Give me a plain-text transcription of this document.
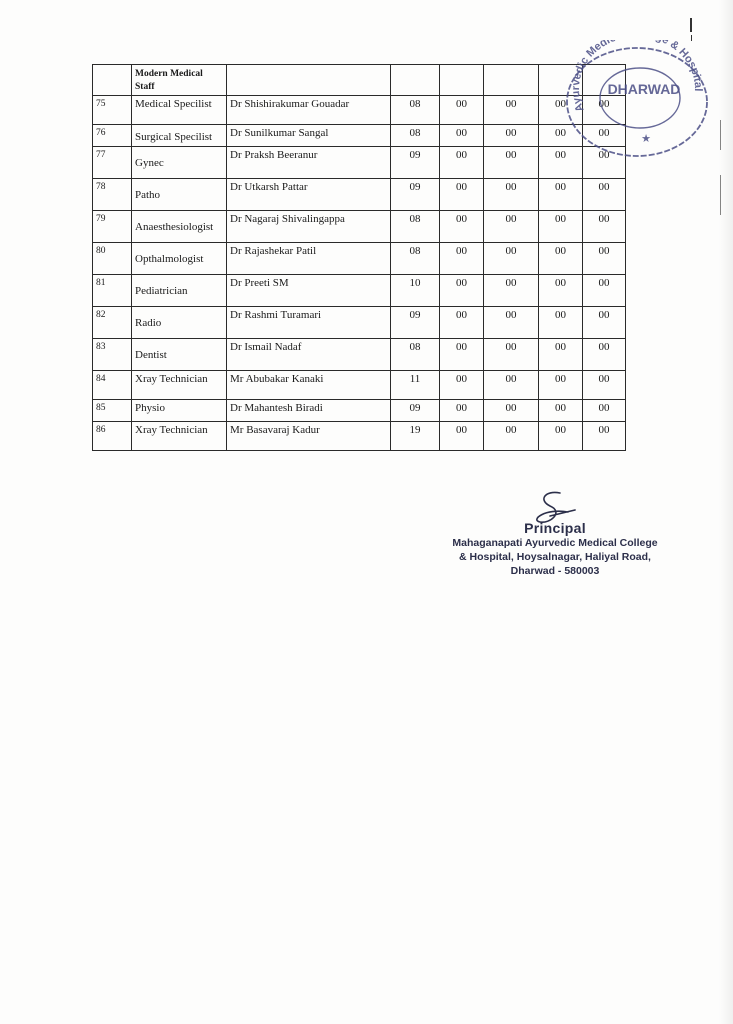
	Modern Medical Staff						
75	Medical Specilist	Dr Shishirakumar Gouadar	08	00	00	00	00
76	Surgical Specilist	Dr Sunilkumar Sangal	08	00	00	00	00
77	Gynec	Dr Praksh Beeranur	09	00	00	00	00
78	Patho	Dr Utkarsh Pattar	09	00	00	00	00
79	Anaesthesiologist	Dr Nagaraj Shivalingappa	08	00	00	00	00
80	Opthalmologist	Dr Rajashekar Patil	08	00	00	00	00
81	Pediatrician	Dr Preeti SM	10	00	00	00	00
82	Radio	Dr Rashmi Turamari	09	00	00	00	00
83	Dentist	Dr Ismail Nadaf	08	00	00	00	00
84	Xray Technician	Mr Abubakar Kanaki	11	00	00	00	00
85	Physio	Dr Mahantesh Biradi	09	00	00	00	00
86	Xray Technician	Mr Basavaraj Kadur	19	00	00	00	00
Ayurvedic Medi e & Hospital
DHARWAD
★
Principal
Mahaganapati Ayurvedic Medical College
& Hospital, Hoysalnagar, Haliyal Road,
Dharwad - 580003
